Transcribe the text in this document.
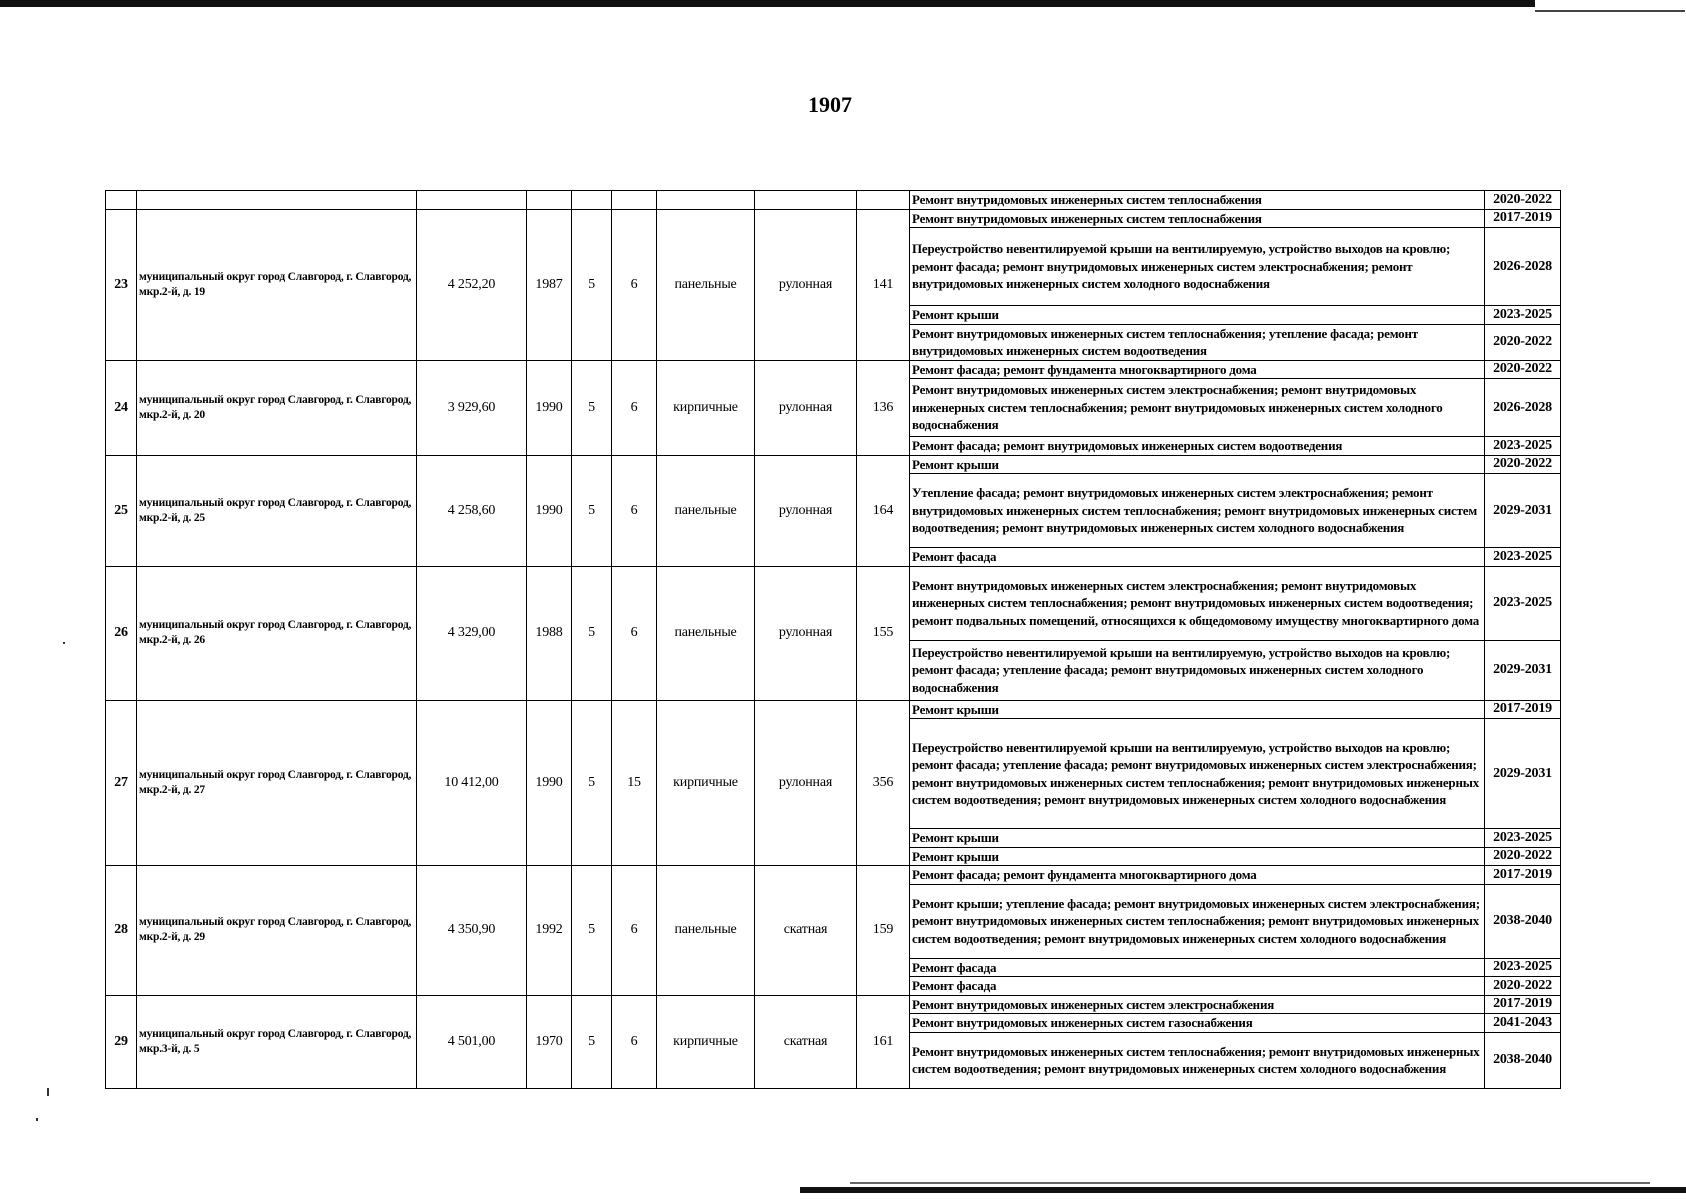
1907
									Ремонт внутридомовых инженерных систем теплоснабжения	2020-2022
23	муниципальный округ город Славгород, г. Славгород, мкр.2-й, д. 19	4 252,20	1987	5	6	панельные	рулонная	141	Ремонт внутридомовых инженерных систем теплоснабжения	2017-2019
									Переустройство невентилируемой крыши на вентилируемую, устройство выходов на кровлю; ремонт фасада; ремонт внутридомовых инженерных систем электроснабжения; ремонт внутридомовых инженерных систем холодного водоснабжения	2026-2028
									Ремонт крыши	2023-2025
									Ремонт внутридомовых инженерных систем теплоснабжения; утепление фасада; ремонт внутридомовых инженерных систем водоотведения	2020-2022
24	муниципальный округ город Славгород, г. Славгород, мкр.2-й, д. 20	3 929,60	1990	5	6	кирпичные	рулонная	136	Ремонт фасада; ремонт фундамента многоквартирного дома	2020-2022
									Ремонт внутридомовых инженерных систем электроснабжения; ремонт внутридомовых инженерных систем теплоснабжения; ремонт внутридомовых инженерных систем холодного водоснабжения	2026-2028
									Ремонт фасада; ремонт внутридомовых инженерных систем водоотведения	2023-2025
25	муниципальный округ город Славгород, г. Славгород, мкр.2-й, д. 25	4 258,60	1990	5	6	панельные	рулонная	164	Ремонт крыши	2020-2022
									Утепление фасада; ремонт внутридомовых инженерных систем электроснабжения; ремонт внутридомовых инженерных систем теплоснабжения; ремонт внутридомовых инженерных систем водоотведения; ремонт внутридомовых инженерных систем холодного водоснабжения	2029-2031
									Ремонт фасада	2023-2025
26	муниципальный округ город Славгород, г. Славгород, мкр.2-й, д. 26	4 329,00	1988	5	6	панельные	рулонная	155	Ремонт внутридомовых инженерных систем электроснабжения; ремонт внутридомовых инженерных систем теплоснабжения; ремонт внутридомовых инженерных систем водоотведения; ремонт подвальных помещений, относящихся к общедомовому имуществу многоквартирного дома	2023-2025
									Переустройство невентилируемой крыши на вентилируемую, устройство выходов на кровлю; ремонт фасада; утепление фасада; ремонт внутридомовых инженерных систем холодного водоснабжения	2029-2031
27	муниципальный округ город Славгород, г. Славгород, мкр.2-й, д. 27	10 412,00	1990	5	15	кирпичные	рулонная	356	Ремонт крыши	2017-2019
									Переустройство невентилируемой крыши на вентилируемую, устройство выходов на кровлю; ремонт фасада; утепление фасада; ремонт внутридомовых инженерных систем электроснабжения; ремонт внутридомовых инженерных систем теплоснабжения; ремонт внутридомовых инженерных систем водоотведения; ремонт внутридомовых инженерных систем холодного водоснабжения	2029-2031
									Ремонт крыши	2023-2025
									Ремонт крыши	2020-2022
28	муниципальный округ город Славгород, г. Славгород, мкр.2-й, д. 29	4 350,90	1992	5	6	панельные	скатная	159	Ремонт фасада; ремонт фундамента многоквартирного дома	2017-2019
									Ремонт крыши; утепление фасада; ремонт внутридомовых инженерных систем электроснабжения; ремонт внутридомовых инженерных систем теплоснабжения; ремонт внутридомовых инженерных систем водоотведения; ремонт внутридомовых инженерных систем холодного водоснабжения	2038-2040
									Ремонт фасада	2023-2025
									Ремонт фасада	2020-2022
29	муниципальный округ город Славгород, г. Славгород, мкр.3-й, д. 5	4 501,00	1970	5	6	кирпичные	скатная	161	Ремонт внутридомовых инженерных систем электроснабжения	2017-2019
									Ремонт внутридомовых инженерных систем газоснабжения	2041-2043
									Ремонт внутридомовых инженерных систем теплоснабжения; ремонт внутридомовых инженерных систем водоотведения; ремонт внутридомовых инженерных систем холодного водоснабжения	2038-2040
